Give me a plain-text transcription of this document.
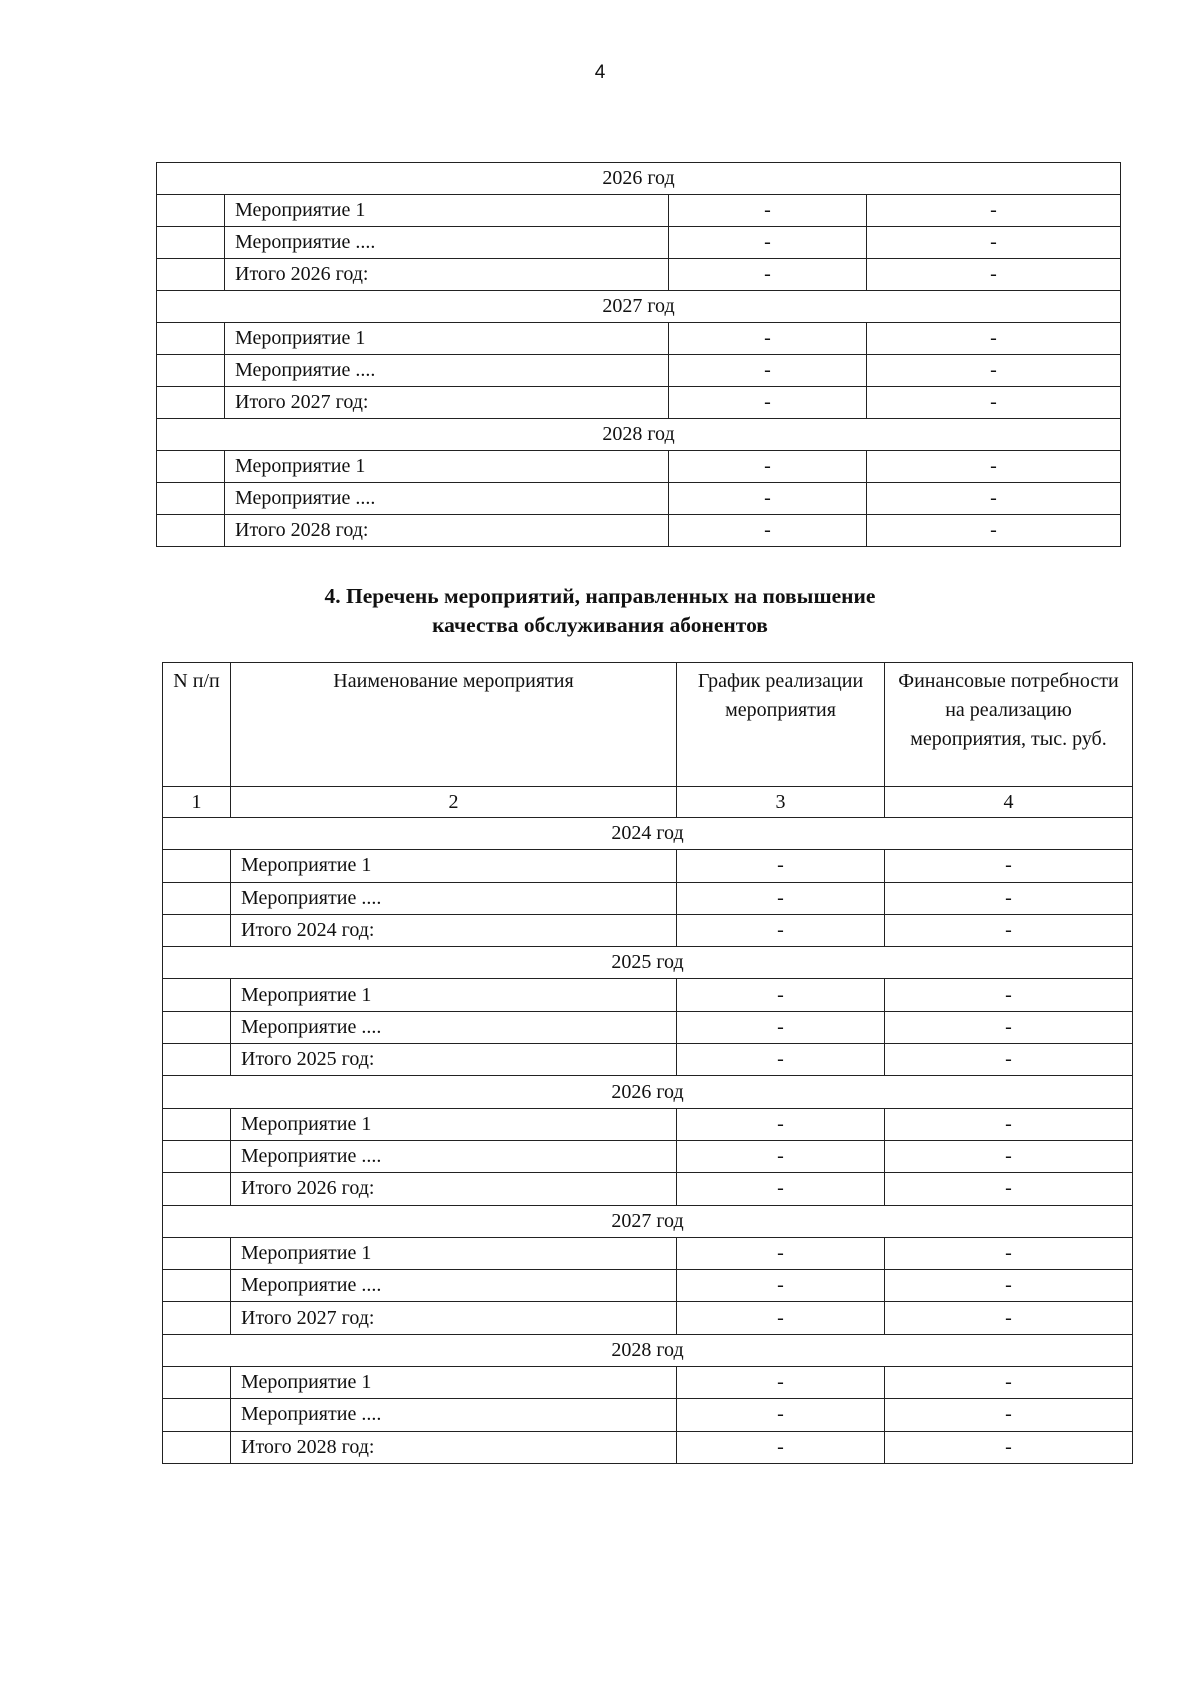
4
2026 год			
	Мероприятие 1	-	-
	Мероприятие ....	-	-
	Итого 2026 год:	-	-
2027 год			
	Мероприятие 1	-	-
	Мероприятие ....	-	-
	Итого 2027 год:	-	-
2028 год			
	Мероприятие 1	-	-
	Мероприятие ....	-	-
	Итого 2028 год:	-	-
4. Перечень мероприятий, направленных на повышение
качества обслуживания абонентов
N п/п	Наименование мероприятия	График реализации мероприятия	Финансовые потребности на реализацию мероприятия, тыс. руб.
1	2	3	4
2024 год			
	Мероприятие 1	-	-
	Мероприятие ....	-	-
	Итого 2024 год:	-	-
2025 год			
	Мероприятие 1	-	-
	Мероприятие ....	-	-
	Итого 2025 год:	-	-
2026 год			
	Мероприятие 1	-	-
	Мероприятие ....	-	-
	Итого 2026 год:	-	-
2027 год			
	Мероприятие 1	-	-
	Мероприятие ....	-	-
	Итого 2027 год:	-	-
2028 год			
	Мероприятие 1	-	-
	Мероприятие ....	-	-
	Итого 2028 год:	-	-
